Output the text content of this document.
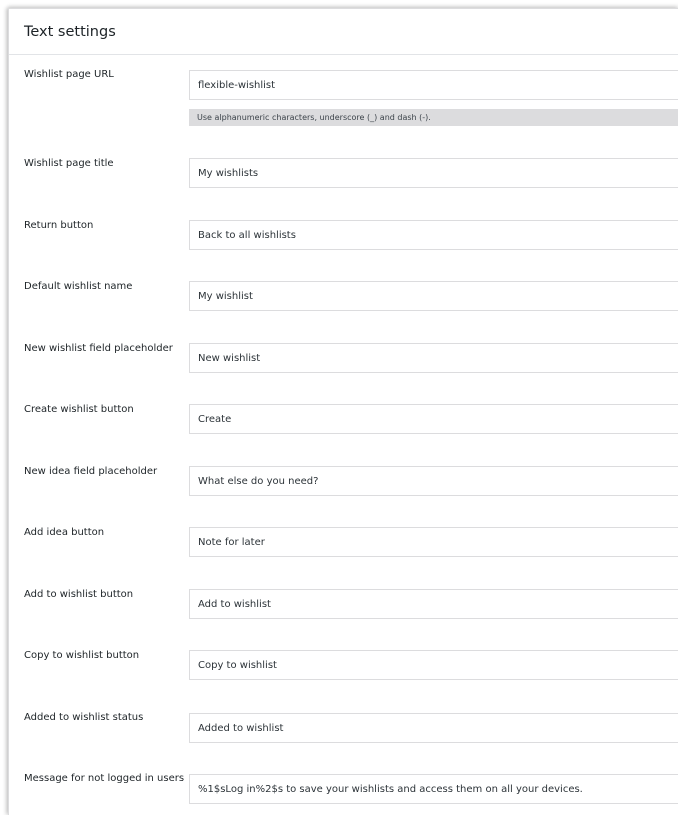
Text settings
Wishlist page URL
flexible-wishlist
Use alphanumeric characters, underscore (_) and dash (-).
Wishlist page title
My wishlists
Return button
Back to all wishlists
Default wishlist name
My wishlist
New wishlist field placeholder
New wishlist
Create wishlist button
Create
New idea field placeholder
What else do you need?
Add idea button
Note for later
Add to wishlist button
Add to wishlist
Copy to wishlist button
Copy to wishlist
Added to wishlist status
Added to wishlist
Message for not logged in users
%1$sLog in%2$s to save your wishlists and access them on all your devices.
